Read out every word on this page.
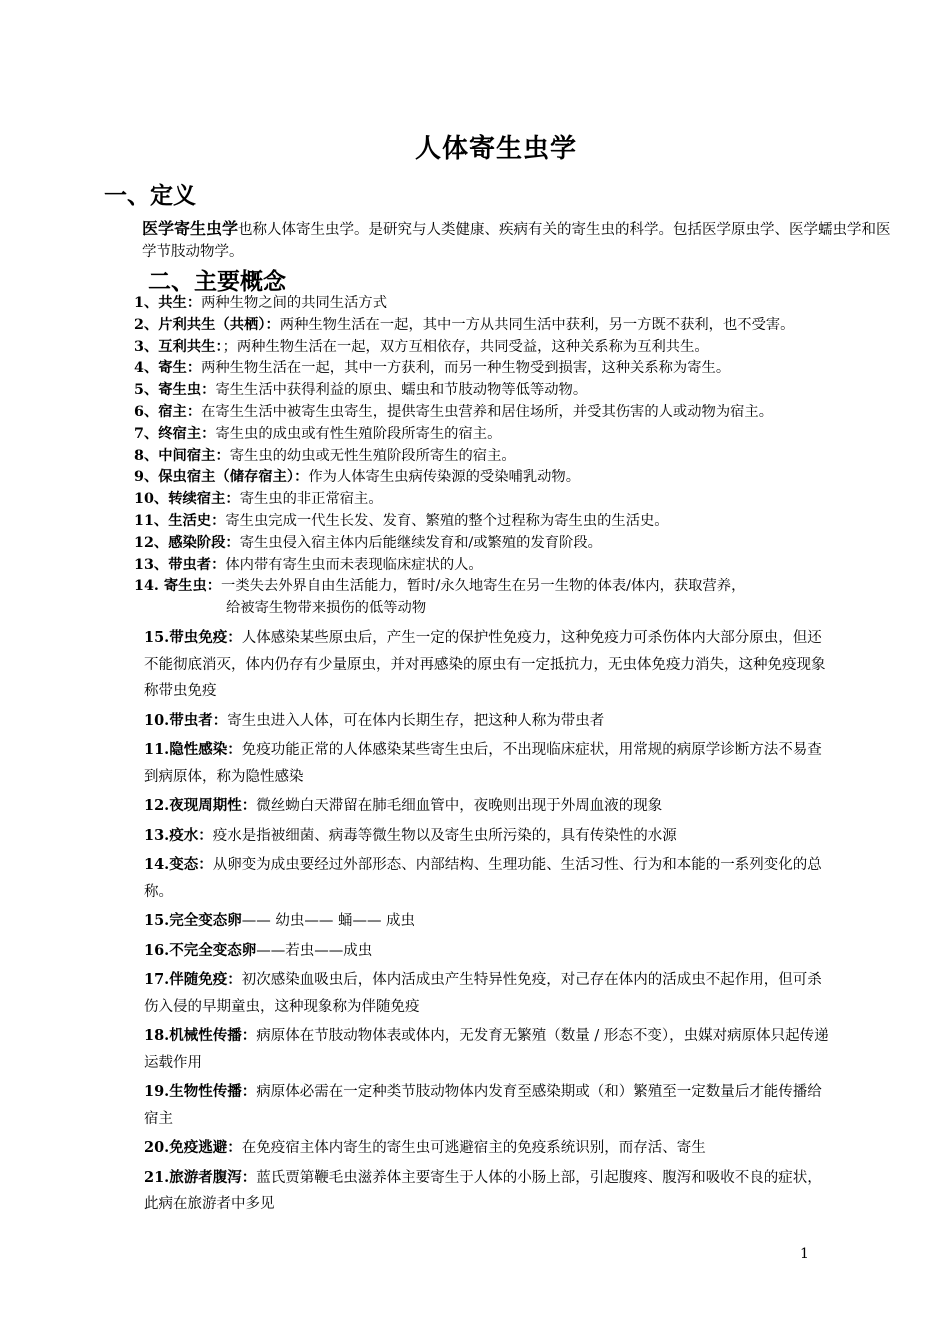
人体寄生虫学
一、定义
医学寄生虫学也称人体寄生虫学。是研究与人类健康、疾病有关的寄生虫的科学。包括医学原虫学、医学蠕虫学和医学节肢动物学。
二、主要概念
1、共生：两种生物之间的共同生活方式
2、片利共生（共栖）：两种生物生活在一起，其中一方从共同生活中获利，另一方既不获利，也不受害。
3、互利共生：；两种生物生活在一起，双方互相依存，共同受益，这种关系称为互利共生。
4、寄生：两种生物生活在一起，其中一方获利，而另一种生物受到损害，这种关系称为寄生。
5、寄生虫：寄生生活中获得利益的原虫、蠕虫和节肢动物等低等动物。
6、宿主：在寄生生活中被寄生虫寄生，提供寄生虫营养和居住场所，并受其伤害的人或动物为宿主。
7、终宿主：寄生虫的成虫或有性生殖阶段所寄生的宿主。
8、中间宿主：寄生虫的幼虫或无性生殖阶段所寄生的宿主。
9、保虫宿主（储存宿主）：作为人体寄生虫病传染源的受染哺乳动物。
10、转续宿主：寄生虫的非正常宿主。
11、生活史：寄生虫完成一代生长发、发育、繁殖的整个过程称为寄生虫的生活史。
12、感染阶段：寄生虫侵入宿主体内后能继续发育和/或繁殖的发育阶段。
13、带虫者：体内带有寄生虫而未表现临床症状的人。
14. 寄生虫：一类失去外界自由生活能力，暂时/永久地寄生在另一生物的体表/体内，获取营养，
给被寄生物带来损伤的低等动物
15.带虫免疫：人体感染某些原虫后，产生一定的保护性免疫力，这种免疫力可杀伤体内大部分原虫，但还不能彻底消灭，体内仍存有少量原虫，并对再感染的原虫有一定抵抗力，无虫体免疫力消失，这种免疫现象称带虫免疫
10.带虫者：寄生虫进入人体，可在体内长期生存，把这种人称为带虫者
11.隐性感染：免疫功能正常的人体感染某些寄生虫后，不出现临床症状，用常规的病原学诊断方法不易查到病原体，称为隐性感染
12.夜现周期性：微丝蚴白天滞留在肺毛细血管中，夜晚则出现于外周血液的现象
13.疫水：疫水是指被细菌、病毒等微生物以及寄生虫所污染的，具有传染性的水源
14.变态：从卵变为成虫要经过外部形态、内部结构、生理功能、生活习性、行为和本能的一系列变化的总称。
15.完全变态卵—— 幼虫—— 蛹—— 成虫
16.不完全变态卵——若虫——成虫
17.伴随免疫：初次感染血吸虫后，体内活成虫产生特异性免疫，对己存在体内的活成虫不起作用，但可杀伤入侵的早期童虫，这种现象称为伴随免疫
18.机械性传播：病原体在节肢动物体表或体内，无发育无繁殖（数量 / 形态不变），虫媒对病原体只起传递运载作用
19.生物性传播：病原体必需在一定种类节肢动物体内发育至感染期或（和）繁殖至一定数量后才能传播给宿主
20.免疫逃避：在免疫宿主体内寄生的寄生虫可逃避宿主的免疫系统识别，而存活、寄生
21.旅游者腹泻：蓝氏贾第鞭毛虫滋养体主要寄生于人体的小肠上部，引起腹疼、腹泻和吸收不良的症状，此病在旅游者中多见
1
